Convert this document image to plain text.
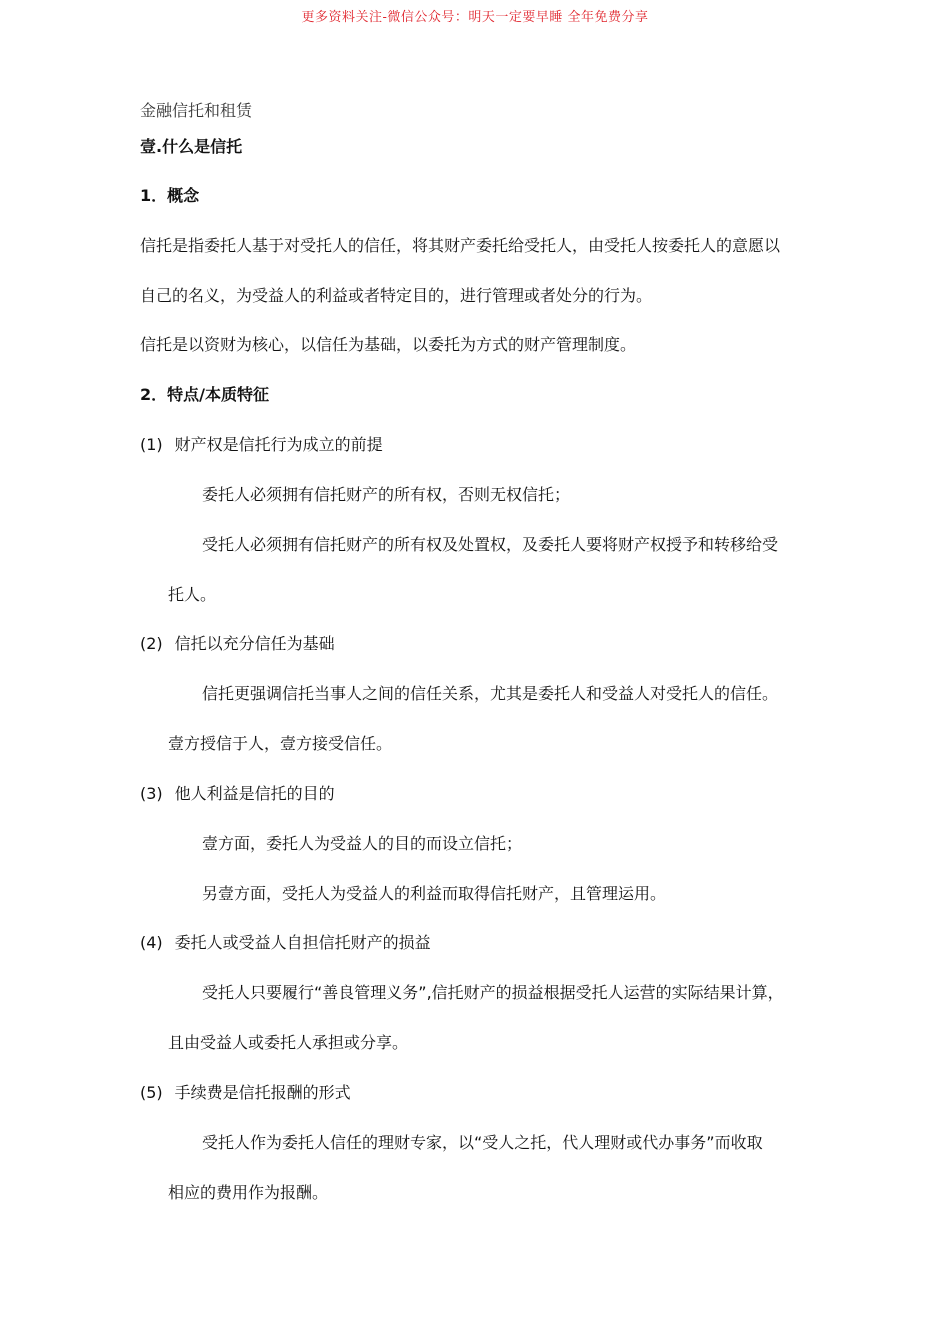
更多资料关注-微信公众号：明天一定要早睡 全年免费分享
金融信托和租赁
壹.什么是信托
1．概念
信托是指委托人基于对受托人的信任，将其财产委托给受托人，由受托人按委托人的意愿以
自己的名义，为受益人的利益或者特定目的，进行管理或者处分的行为。
信托是以资财为核心，以信任为基础，以委托为方式的财产管理制度。
2．特点/本质特征
(1) 财产权是信托行为成立的前提
委托人必须拥有信托财产的所有权，否则无权信托；
受托人必须拥有信托财产的所有权及处置权，及委托人要将财产权授予和转移给受
托人。
(2) 信托以充分信任为基础
信托更强调信托当事人之间的信任关系，尤其是委托人和受益人对受托人的信任。
壹方授信于人，壹方接受信任。
(3) 他人利益是信托的目的
壹方面，委托人为受益人的目的而设立信托；
另壹方面，受托人为受益人的利益而取得信托财产，且管理运用。
(4) 委托人或受益人自担信托财产的损益
受托人只要履行“善良管理义务”,信托财产的损益根据受托人运营的实际结果计算，
且由受益人或委托人承担或分享。
(5) 手续费是信托报酬的形式
受托人作为委托人信任的理财专家，以“受人之托，代人理财或代办事务”而收取
相应的费用作为报酬。
